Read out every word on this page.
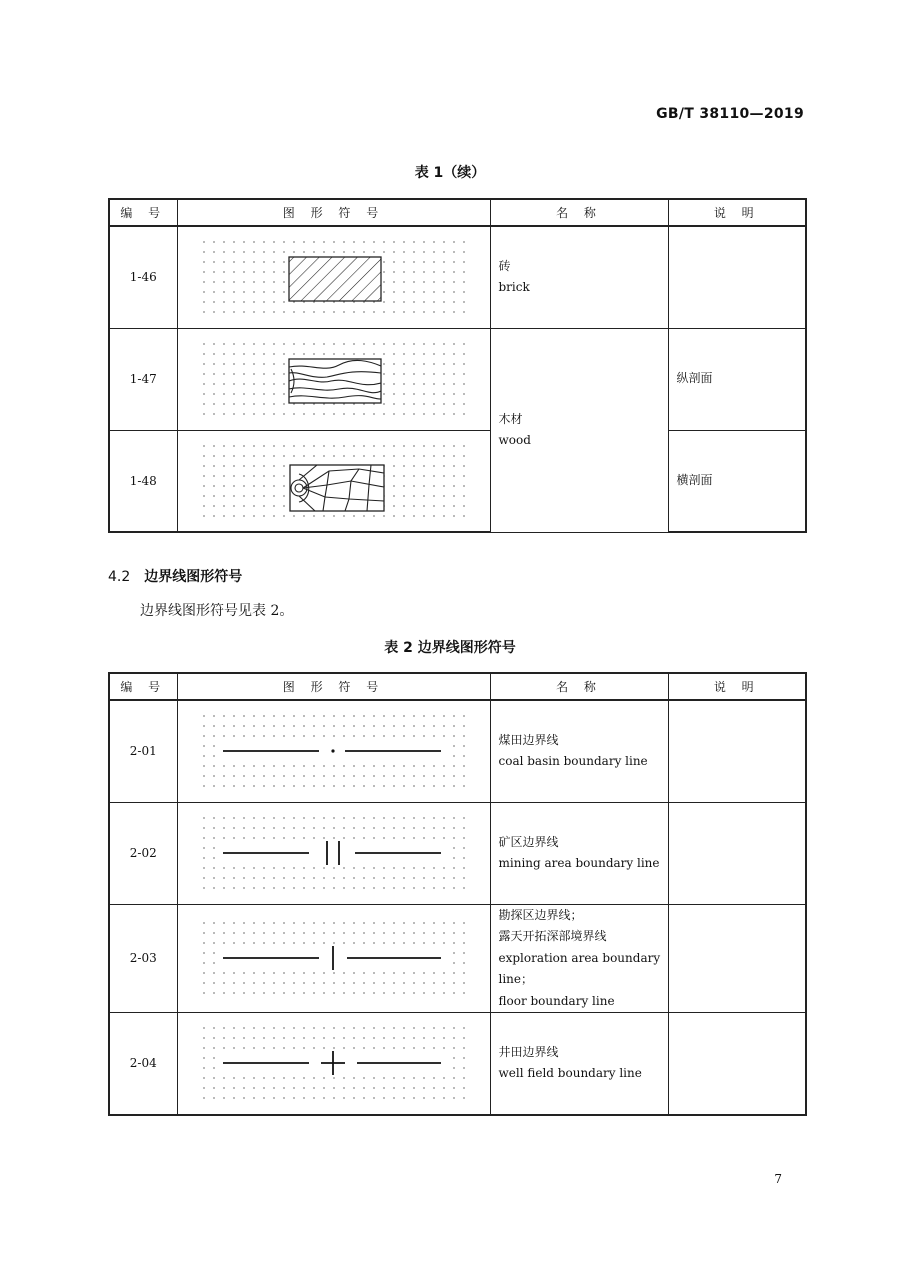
GB/T 38110—2019
表 1（续）
编 号	图 形 符 号	名 称	说 明
1-46		砖
brick	

1-47		木材
wood	纵剖面
1-48			横剖面
4.2 边界线图形符号
边界线图形符号见表 2。
表 2 边界线图形符号
编 号	图 形 符 号	名 称	说 明
2-01		煤田边界线
coal basin boundary line	

2-02		矿区边界线
mining area boundary line	

2-03		勘探区边界线；
露天开拓深部境界线
exploration area boundary
line；
floor boundary line	

2-04		井田边界线
well field boundary line	

7
